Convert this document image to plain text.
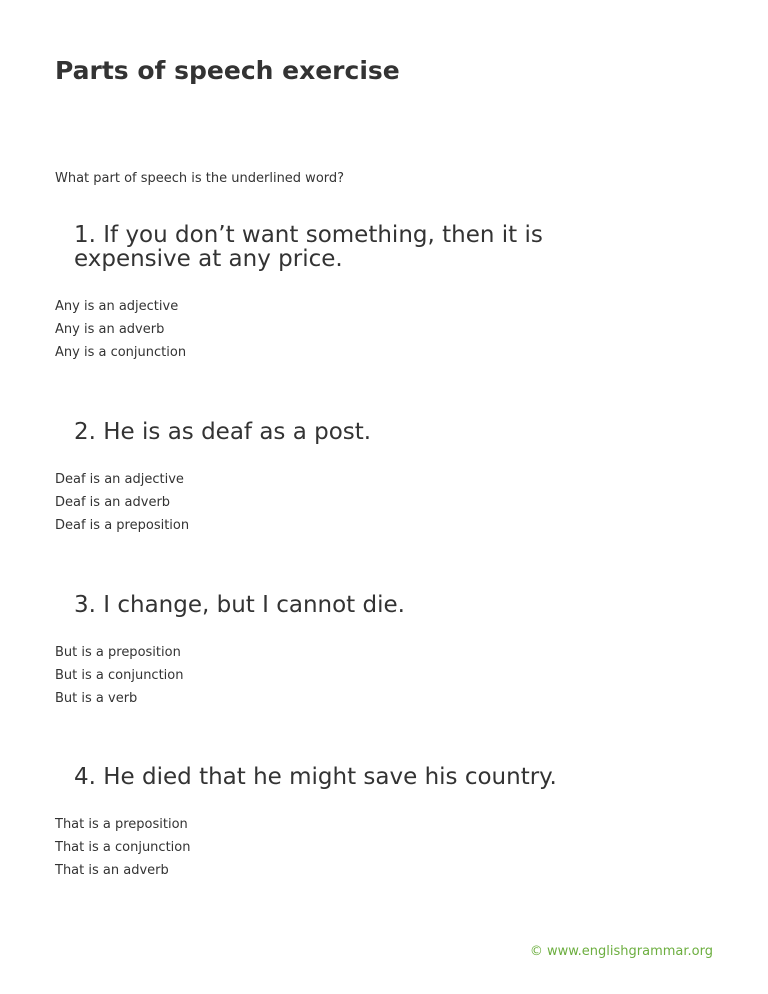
Parts of speech exercise

What part of speech is the underlined word?

1. If you don’t want something, then it is expensive at any price.
Any is an adjective
Any is an adverb
Any is a conjunction
2. He is as deaf as a post.
Deaf is an adjective
Deaf is an adverb
Deaf is a preposition
3. I change, but I cannot die.
But is a preposition
But is a conjunction
But is a verb
4. He died that he might save his country.
That is a preposition
That is a conjunction
That is an adverb
© www.englishgrammar.org
